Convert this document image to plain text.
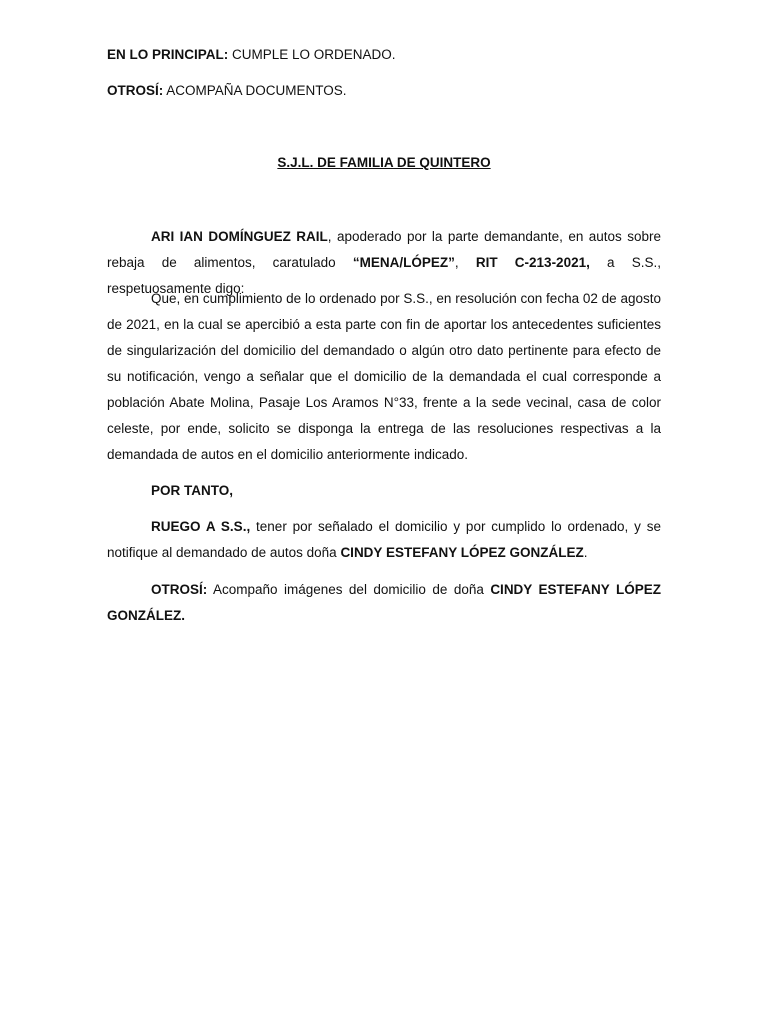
EN LO PRINCIPAL: CUMPLE LO ORDENADO.
OTROSÍ: ACOMPAÑA DOCUMENTOS.
S.J.L. DE FAMILIA DE QUINTERO

ARI IAN DOMÍNGUEZ RAIL, apoderado por la parte demandante, en autos sobre rebaja de alimentos, caratulado “MENA/LÓPEZ”, RIT C-213-2021, a S.S., respetuosamente digo:

Que, en cumplimiento de lo ordenado por S.S., en resolución con fecha 02 de agosto de 2021, en la cual se apercibió a esta parte con fin de aportar los antecedentes suficientes de singularización del domicilio del demandado o algún otro dato pertinente para efecto de su notificación, vengo a señalar que el domicilio de la demandada el cual corresponde a población Abate Molina, Pasaje Los Aramos N°33, frente a la sede vecinal, casa de color celeste, por ende, solicito se disponga la entrega de las resoluciones respectivas a la demandada de autos en el domicilio anteriormente indicado.

POR TANTO,

RUEGO A S.S., tener por señalado el domicilio y por cumplido lo ordenado, y se notifique al demandado de autos doña CINDY ESTEFANY LÓPEZ GONZÁLEZ.

OTROSÍ: Acompaño imágenes del domicilio de doña CINDY ESTEFANY LÓPEZ GONZÁLEZ.
